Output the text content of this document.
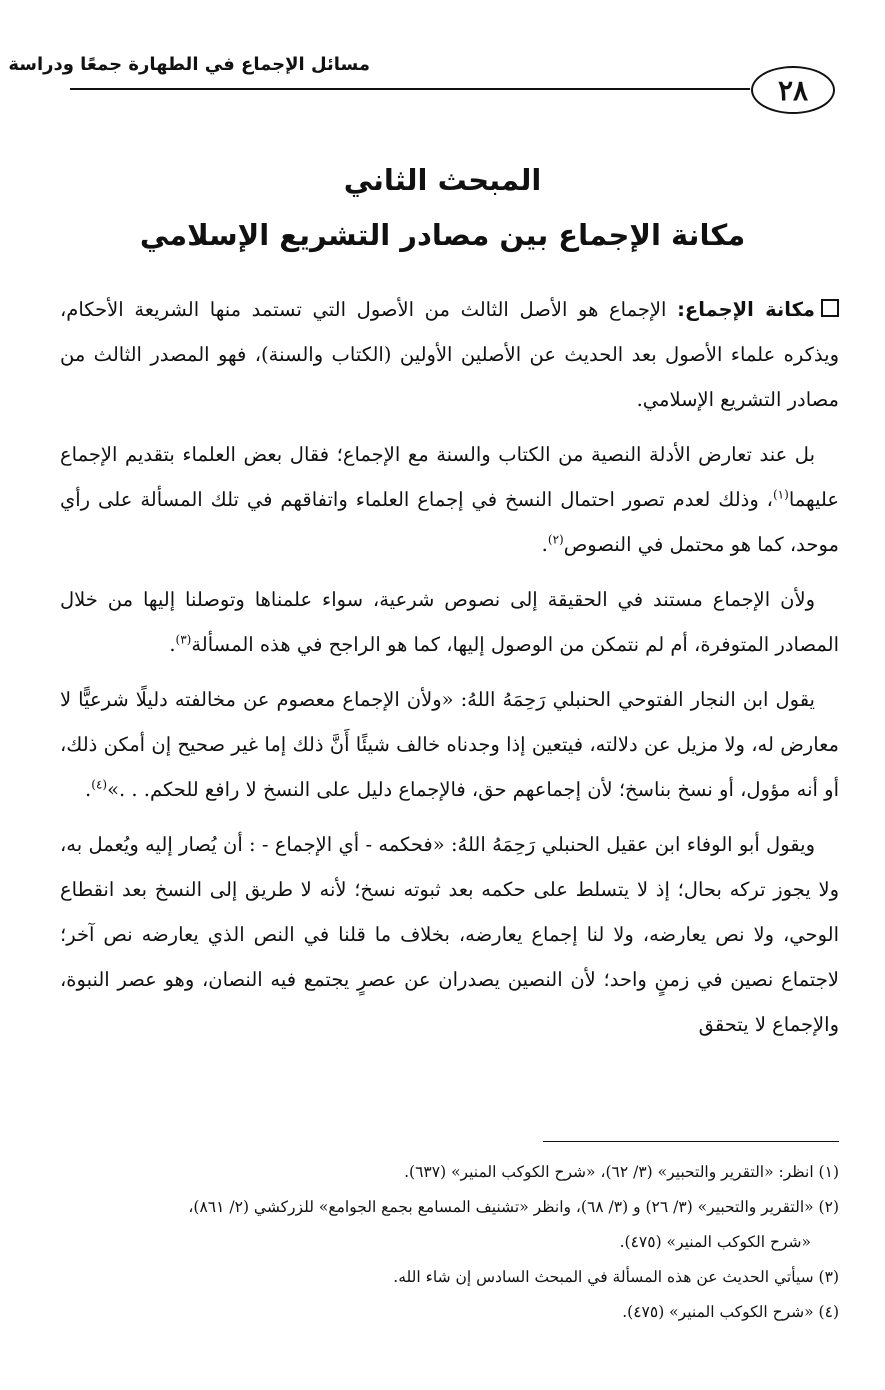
مسائل الإجماع في الطهارة جمعًا ودراسة
٢٨
المبحث الثاني
مكانة الإجماع بين مصادر التشريع الإسلامي

مكانة الإجماع: الإجماع هو الأصل الثالث من الأصول التي تستمد منها الشريعة الأحكام، ويذكره علماء الأصول بعد الحديث عن الأصلين الأولين (الكتاب والسنة)، فهو المصدر الثالث من مصادر التشريع الإسلامي.

بل عند تعارض الأدلة النصية من الكتاب والسنة مع الإجماع؛ فقال بعض العلماء بتقديم الإجماع عليهما$^{(١)}$، وذلك لعدم تصور احتمال النسخ في إجماع العلماء واتفاقهم في تلك المسألة على رأي موحد، كما هو محتمل في النصوص$^{(٢)}$.

ولأن الإجماع مستند في الحقيقة إلى نصوص شرعية، سواء علمناها وتوصلنا إليها من خلال المصادر المتوفرة، أم لم نتمكن من الوصول إليها، كما هو الراجح في هذه المسألة$^{(٣)}$.

يقول ابن النجار الفتوحي الحنبلي رَحِمَهُ اللهُ: «ولأن الإجماع معصوم عن مخالفته دليلًا شرعيًّا لا معارض له، ولا مزيل عن دلالته، فيتعين إذا وجدناه خالف شيئًا أَنَّ ذلك إما غير صحيح إن أمكن ذلك، أو أنه مؤول، أو نسخ بناسخ؛ لأن إجماعهم حق، فالإجماع دليل على النسخ لا رافع للحكم. . .»$^{(٤)}$.

ويقول أبو الوفاء ابن عقيل الحنبلي رَحِمَهُ اللهُ: «فحكمه - أي الإجماع - : أن يُصار إليه ويُعمل به، ولا يجوز تركه بحال؛ إذ لا يتسلط على حكمه بعد ثبوته نسخ؛ لأنه لا طريق إلى النسخ بعد انقطاع الوحي، ولا نص يعارضه، ولا لنا إجماع يعارضه، بخلاف ما قلنا في النص الذي يعارضه نص آخر؛ لاجتماع نصين في زمنٍ واحد؛ لأن النصين يصدران عن عصرٍ يجتمع فيه النصان، وهو عصر النبوة، والإجماع لا يتحقق

(١) انظر: «التقرير والتحبير» (٣/ ٦٢)، «شرح الكوكب المنير» (٦٣٧).
(٢) «التقرير والتحبير» (٣/ ٢٦) و (٣/ ٦٨)، وانظر «تشنيف المسامع بجمع الجوامع» للزركشي (٢/ ٨٦١)،
«شرح الكوكب المنير» (٤٧٥).
(٣) سيأتي الحديث عن هذه المسألة في المبحث السادس إن شاء الله.
(٤) «شرح الكوكب المنير» (٤٧٥).
